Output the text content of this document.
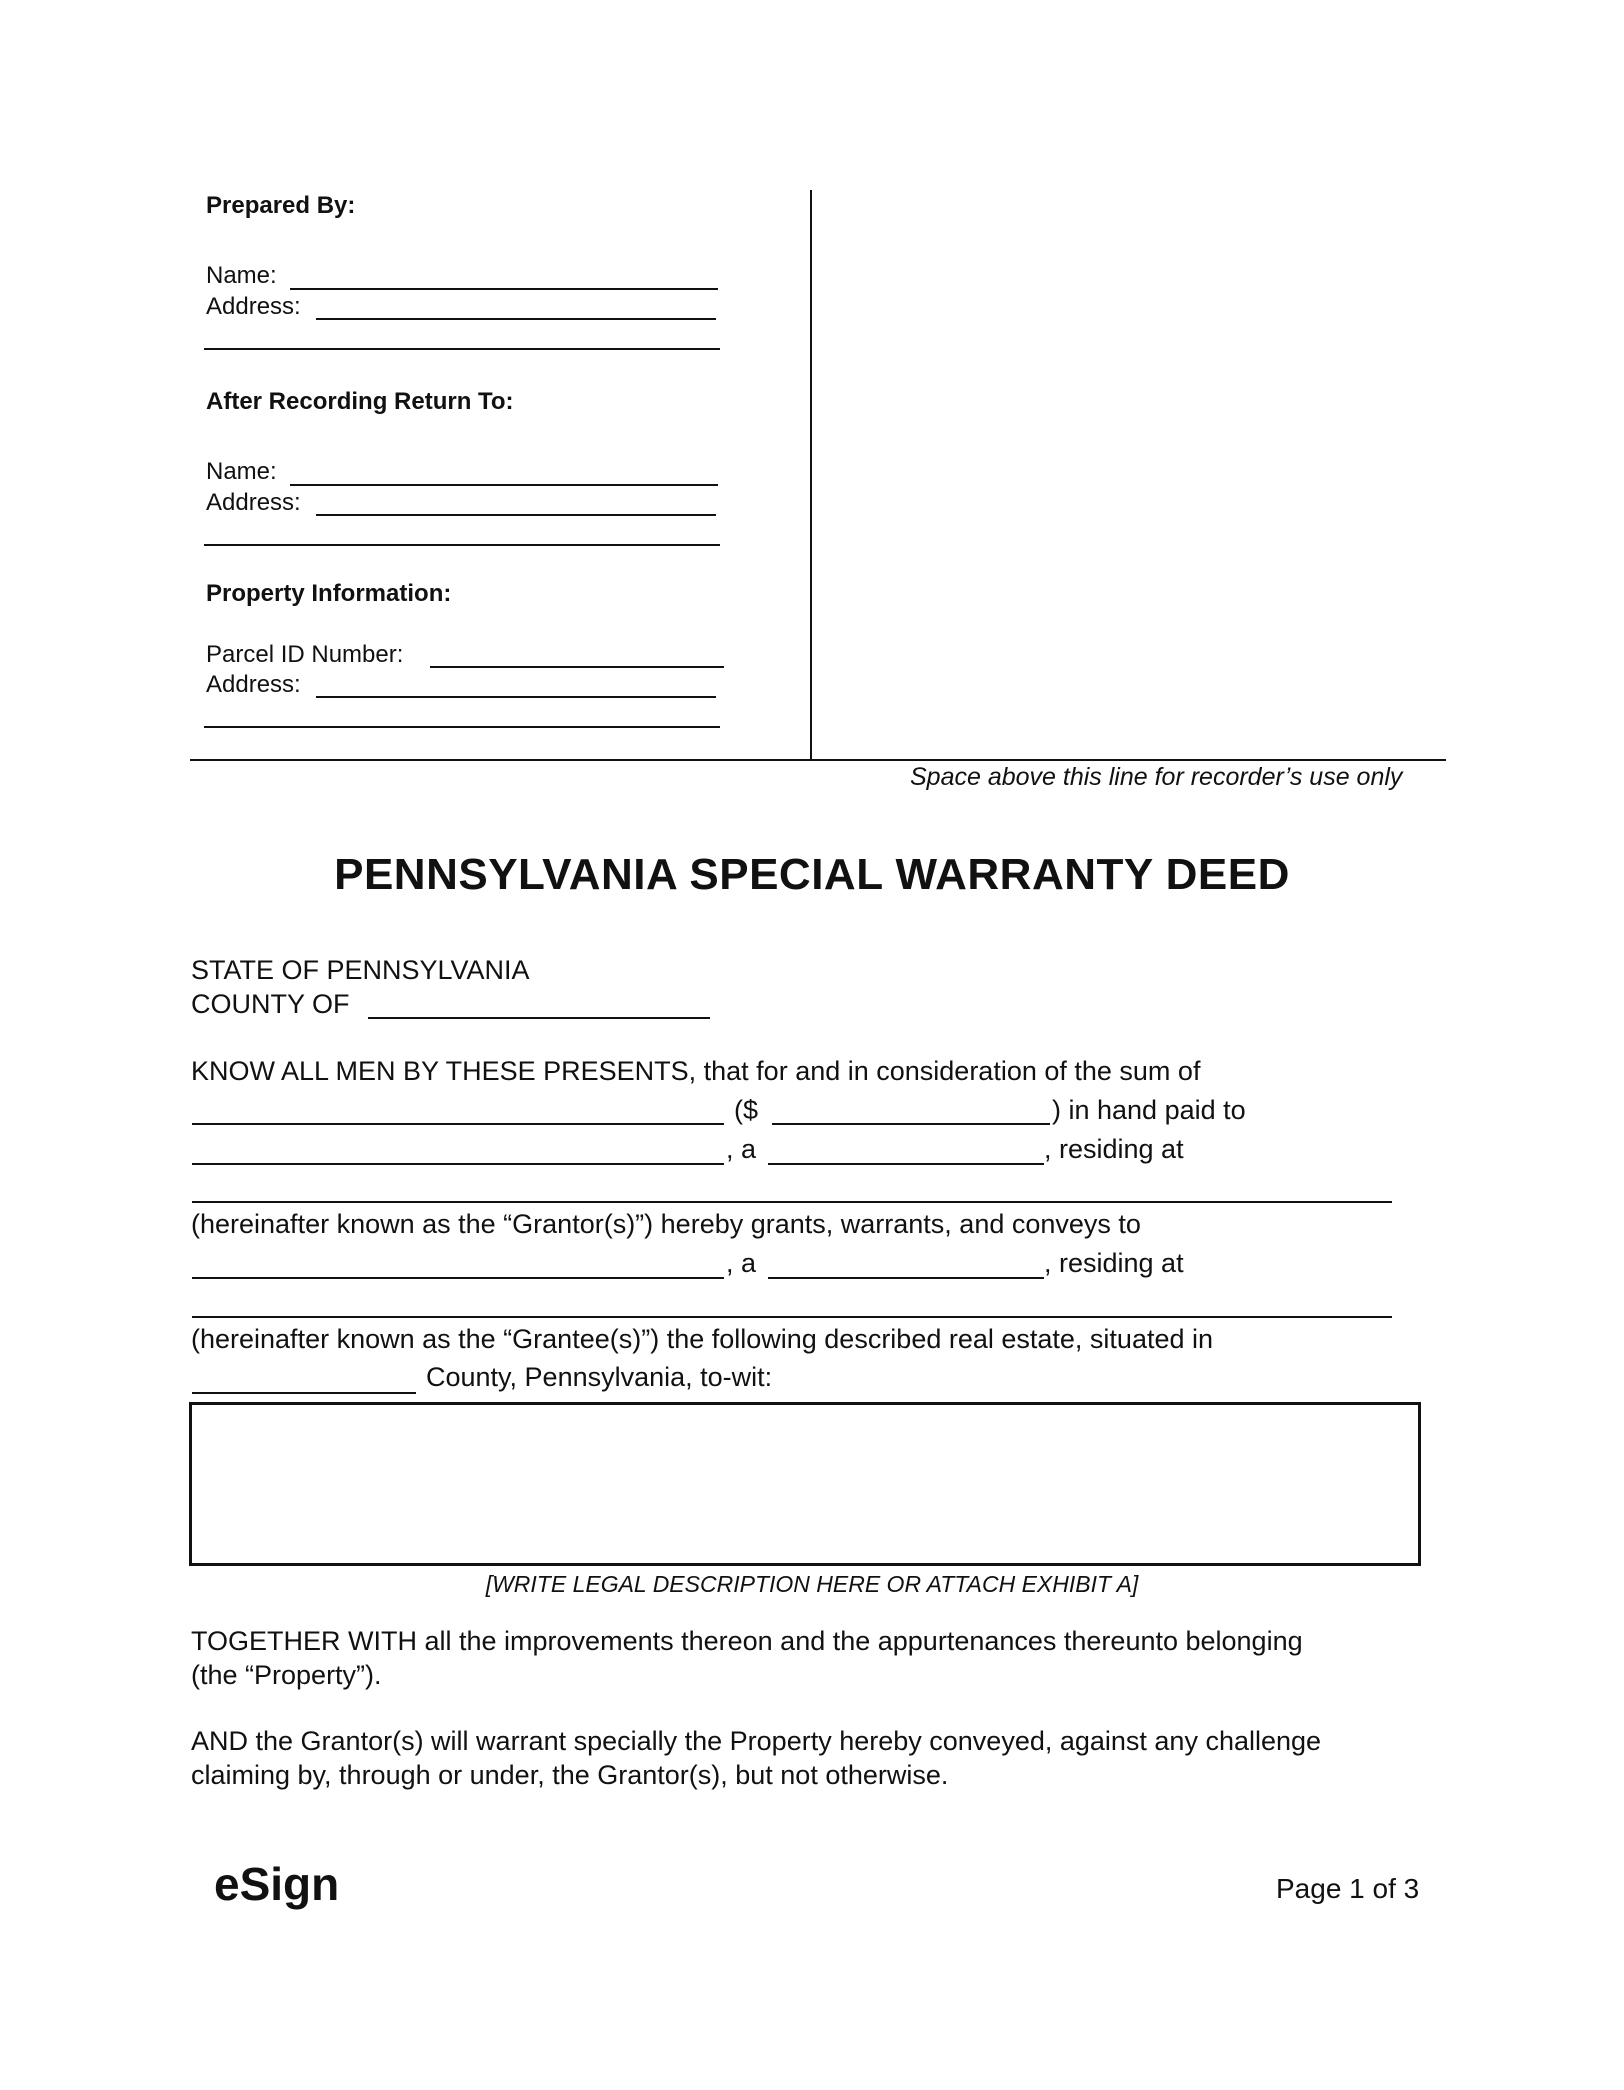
Prepared By:
Name:
Address:
After Recording Return To:
Name:
Address:
Property Information:
Parcel ID Number:
Address:
Space above this line for recorder’s use only
PENNSYLVANIA SPECIAL WARRANTY DEED
STATE OF PENNSYLVANIA
COUNTY OF
KNOW ALL MEN BY THESE PRESENTS, that for and in consideration of the sum of
($	) in hand paid to
, a	, residing at
(hereinafter known as the “Grantor(s)”) hereby grants, warrants, and conveys to
, a	, residing at
(hereinafter known as the “Grantee(s)”) the following described real estate, situated in
County, Pennsylvania, to-wit:
[WRITE LEGAL DESCRIPTION HERE OR ATTACH EXHIBIT A]
TOGETHER WITH all the improvements thereon and the appurtenances thereunto belonging
(the “Property”).
AND the Grantor(s) will warrant specially the Property hereby conveyed, against any challenge
claiming by, through or under, the Grantor(s), but not otherwise.
eSign	Page 1 of 3
